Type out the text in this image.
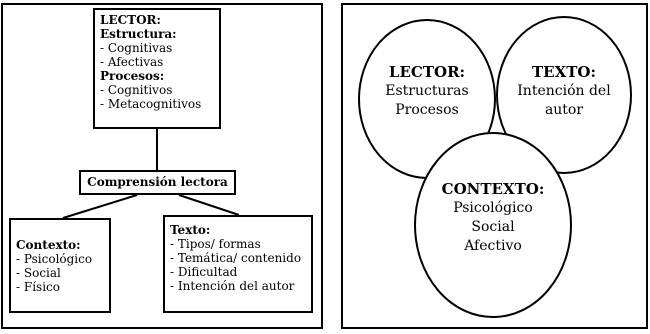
LECTOR:
Estructura:
- Cognitivas
- Afectivas
Procesos:
- Cognitivos
- Metacognitivos
Comprensión lectora
Contexto:
- Psicológico
- Social
- Físico
Texto:
- Tipos/ formas
- Temática/ contenido
- Dificultad
- Intención del autor
LECTOR:
Estructuras
Procesos
TEXTO:
Intención del
autor
CONTEXTO:
Psicológico
Social
Afectivo
